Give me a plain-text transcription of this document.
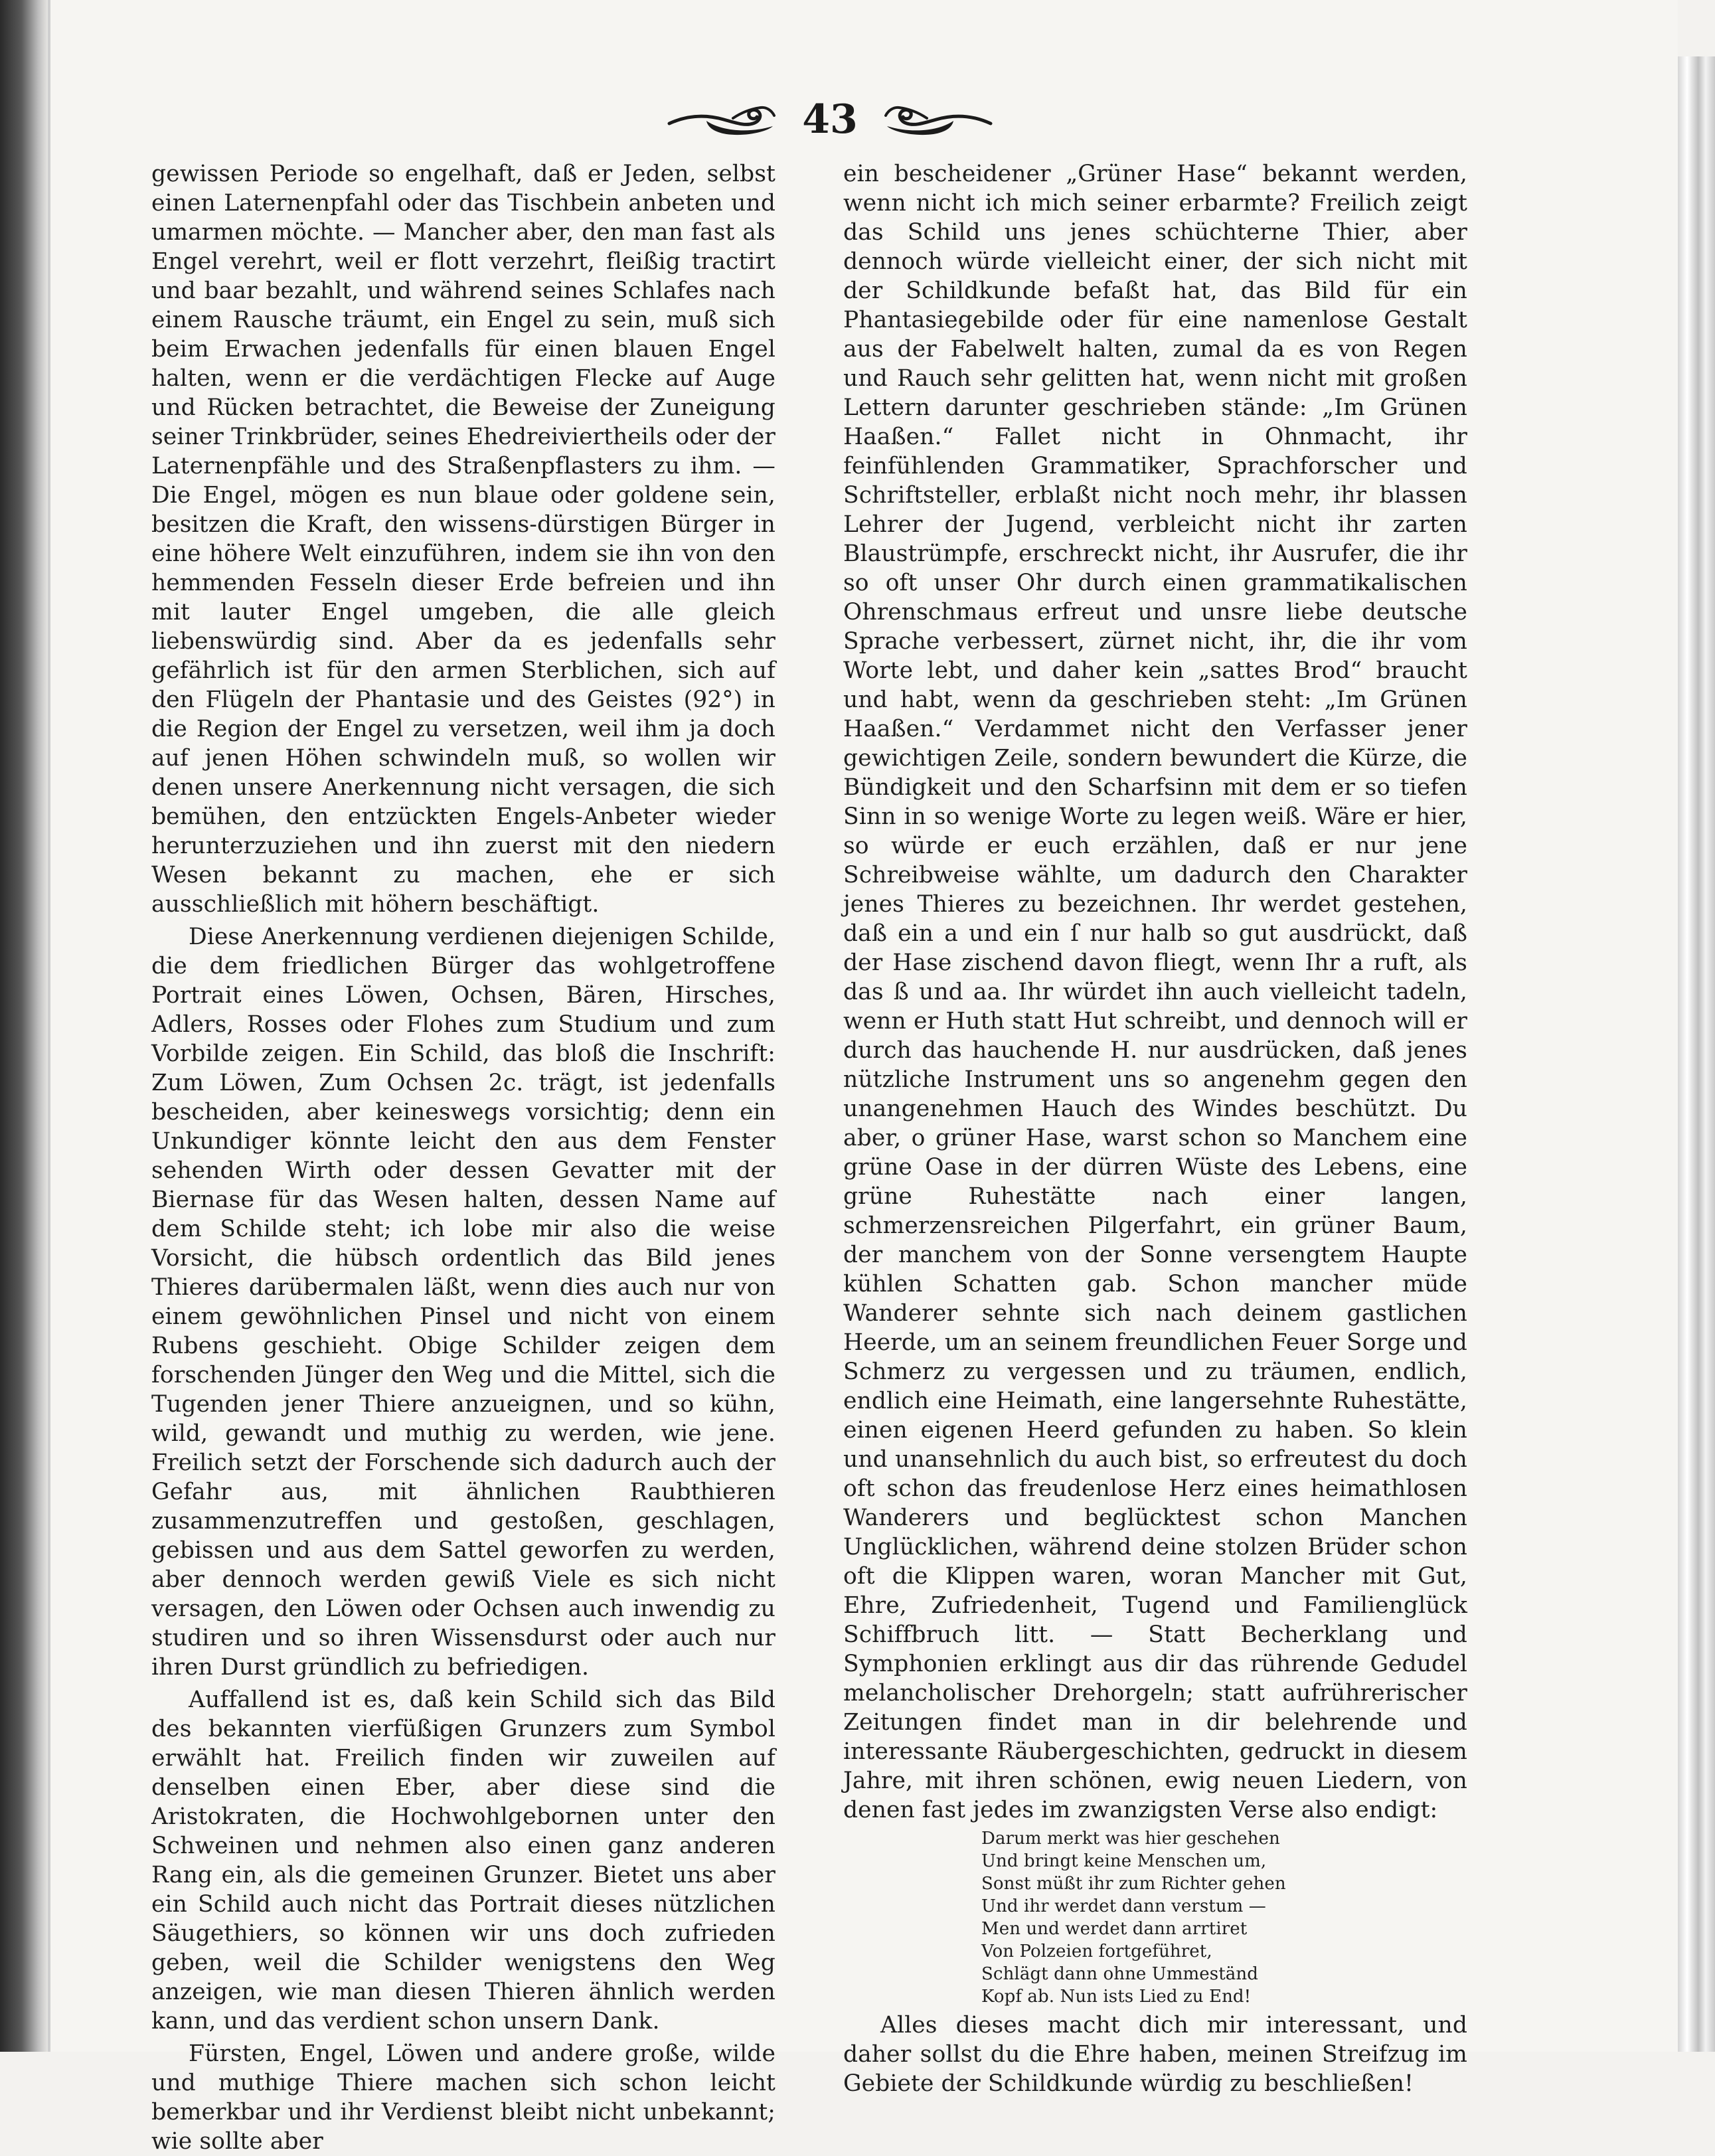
43

gewissen Periode so engelhaft, daß er Jeden, selbst einen Laternenpfahl oder das Tischbein anbeten und umarmen möchte. — Mancher aber, den man fast als Engel verehrt, weil er flott verzehrt, fleißig tractirt und baar bezahlt, und während seines Schlafes nach einem Rausche träumt, ein Engel zu sein, muß sich beim Erwachen jedenfalls für einen blauen Engel halten, wenn er die verdächtigen Flecke auf Auge und Rücken betrachtet, die Beweise der Zuneigung seiner Trinkbrüder, seines Ehedreiviertheils oder der Laternenpfähle und des Straßenpflasters zu ihm. — Die Engel, mögen es nun blaue oder goldene sein, besitzen die Kraft, den wissens-dürstigen Bürger in eine höhere Welt einzuführen, indem sie ihn von den hemmenden Fesseln dieser Erde befreien und ihn mit lauter Engel umgeben, die alle gleich liebenswürdig sind. Aber da es jedenfalls sehr gefährlich ist für den armen Sterblichen, sich auf den Flügeln der Phantasie und des Geistes (92°) in die Region der Engel zu versetzen, weil ihm ja doch auf jenen Höhen schwindeln muß, so wollen wir denen unsere Anerkennung nicht versagen, die sich bemühen, den entzückten Engels-Anbeter wieder herunterzuziehen und ihn zuerst mit den niedern Wesen bekannt zu machen, ehe er sich ausschließlich mit höhern beschäftigt.

Diese Anerkennung verdienen diejenigen Schilde, die dem friedlichen Bürger das wohlgetroffene Portrait eines Löwen, Ochsen, Bären, Hirsches, Adlers, Rosses oder Flohes zum Studium und zum Vorbilde zeigen. Ein Schild, das bloß die Inschrift: Zum Löwen, Zum Ochsen 2c. trägt, ist jedenfalls bescheiden, aber keineswegs vorsichtig; denn ein Unkundiger könnte leicht den aus dem Fenster sehenden Wirth oder dessen Gevatter mit der Biernase für das Wesen halten, dessen Name auf dem Schilde steht; ich lobe mir also die weise Vorsicht, die hübsch ordentlich das Bild jenes Thieres darübermalen läßt, wenn dies auch nur von einem gewöhnlichen Pinsel und nicht von einem Rubens geschieht. Obige Schilder zeigen dem forschenden Jünger den Weg und die Mittel, sich die Tugenden jener Thiere anzueignen, und so kühn, wild, gewandt und muthig zu werden, wie jene. Freilich setzt der Forschende sich dadurch auch der Gefahr aus, mit ähnlichen Raubthieren zusammenzutreffen und gestoßen, geschlagen, gebissen und aus dem Sattel geworfen zu werden, aber dennoch werden gewiß Viele es sich nicht versagen, den Löwen oder Ochsen auch inwendig zu studiren und so ihren Wissensdurst oder auch nur ihren Durst gründlich zu befriedigen.

Auffallend ist es, daß kein Schild sich das Bild des bekannten vierfüßigen Grunzers zum Symbol erwählt hat. Freilich finden wir zuweilen auf denselben einen Eber, aber diese sind die Aristokraten, die Hochwohlgebornen unter den Schweinen und nehmen also einen ganz anderen Rang ein, als die gemeinen Grunzer. Bietet uns aber ein Schild auch nicht das Portrait dieses nützlichen Säugethiers, so können wir uns doch zufrieden geben, weil die Schilder wenigstens den Weg anzeigen, wie man diesen Thieren ähnlich werden kann, und das verdient schon unsern Dank.

Fürsten, Engel, Löwen und andere große, wilde und muthige Thiere machen sich schon leicht bemerkbar und ihr Verdienst bleibt nicht unbekannt; wie sollte aber

ein bescheidener „Grüner Hase“ bekannt werden, wenn nicht ich mich seiner erbarmte? Freilich zeigt das Schild uns jenes schüchterne Thier, aber dennoch würde vielleicht einer, der sich nicht mit der Schildkunde befaßt hat, das Bild für ein Phantasiegebilde oder für eine namenlose Gestalt aus der Fabelwelt halten, zumal da es von Regen und Rauch sehr gelitten hat, wenn nicht mit großen Lettern darunter geschrieben stände: „Im Grünen Haaßen.“ Fallet nicht in Ohnmacht, ihr feinfühlenden Grammatiker, Sprachforscher und Schriftsteller, erblaßt nicht noch mehr, ihr blassen Lehrer der Jugend, verbleicht nicht ihr zarten Blaustrümpfe, erschreckt nicht, ihr Ausrufer, die ihr so oft unser Ohr durch einen grammatikalischen Ohrenschmaus erfreut und unsre liebe deutsche Sprache verbessert, zürnet nicht, ihr, die ihr vom Worte lebt, und daher kein „sattes Brod“ braucht und habt, wenn da geschrieben steht: „Im Grünen Haaßen.“ Verdammet nicht den Verfasser jener gewichtigen Zeile, sondern bewundert die Kürze, die Bündigkeit und den Scharfsinn mit dem er so tiefen Sinn in so wenige Worte zu legen weiß. Wäre er hier, so würde er euch erzählen, daß er nur jene Schreibweise wählte, um dadurch den Charakter jenes Thieres zu bezeichnen. Ihr werdet gestehen, daß ein a und ein ſ nur halb so gut ausdrückt, daß der Hase zischend davon fliegt, wenn Ihr a ruft, als das ß und aa. Ihr würdet ihn auch vielleicht tadeln, wenn er Huth statt Hut schreibt, und dennoch will er durch das hauchende H. nur ausdrücken, daß jenes nützliche Instrument uns so angenehm gegen den unangenehmen Hauch des Windes beschützt. Du aber, o grüner Hase, warst schon so Manchem eine grüne Oase in der dürren Wüste des Lebens, eine grüne Ruhestätte nach einer langen, schmerzensreichen Pilgerfahrt, ein grüner Baum, der manchem von der Sonne versengtem Haupte kühlen Schatten gab. Schon mancher müde Wanderer sehnte sich nach deinem gastlichen Heerde, um an seinem freundlichen Feuer Sorge und Schmerz zu vergessen und zu träumen, endlich, endlich eine Heimath, eine langersehnte Ruhestätte, einen eigenen Heerd gefunden zu haben. So klein und unansehnlich du auch bist, so erfreutest du doch oft schon das freudenlose Herz eines heimathlosen Wanderers und beglücktest schon Manchen Unglücklichen, während deine stolzen Brüder schon oft die Klippen waren, woran Mancher mit Gut, Ehre, Zufriedenheit, Tugend und Familienglück Schiffbruch litt. — Statt Becherklang und Symphonien erklingt aus dir das rührende Gedudel melancholischer Drehorgeln; statt aufrührerischer Zeitungen findet man in dir belehrende und interessante Räubergeschichten, gedruckt in diesem Jahre, mit ihren schönen, ewig neuen Liedern, von denen fast jedes im zwanzigsten Verse also endigt:

Darum merkt was hier geschehen
Und bringt keine Menschen um,
Sonst müßt ihr zum Richter gehen
Und ihr werdet dann verstum —
Men und werdet dann arrtiret
Von Polzeien fortgeführet,
Schlägt dann ohne Ummeständ
Kopf ab. Nun ists Lied zu End!

Alles dieses macht dich mir interessant, und daher sollst du die Ehre haben, meinen Streifzug im Gebiete der Schildkunde würdig zu beschließen!
